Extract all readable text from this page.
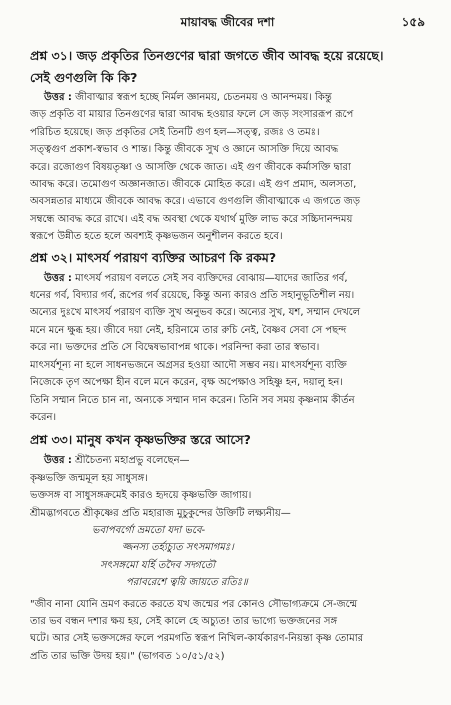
মায়াবদ্ধ জীবের দশা	১৫৯
প্রশ্ন ৩১। জড় প্রকৃতির তিনগুণের দ্বারা জগতে জীব আবদ্ধ হয়ে রয়েছে।
সেই গুণগুলি কি কি?

উত্তর : জীবাত্মার স্বরূপ হচ্ছে নির্মল জ্ঞানময়, চেতনময় ও আনন্দময়। কিন্তু

জড় প্রকৃতি বা মায়ার তিনগুণের দ্বারা আবদ্ধ হওয়ার ফলে সে জড় সংসাররূপ রূপে

পরিচিত হয়েছে। জড় প্রকৃতির সেই তিনটি গুণ হল—সত্ত্ব, রজঃ ও তমঃ।

সত্ত্বগুণ প্রকাশ-স্বভাব ও শান্ত। কিন্তু জীবকে সুখ ও জ্ঞানে আসক্তি দিয়ে আবদ্ধ

করে। রজোগুণ বিষয়তৃষ্ণা ও আসক্তি থেকে জাত। এই গুণ জীবকে কর্মাসক্তি দ্বারা

আবদ্ধ করে। তমোগুণ অজ্ঞানজাত। জীবকে মোহিত করে। এই গুণ প্রমাদ, অলসতা,

অবসন্নতার মাধ্যমে জীবকে আবদ্ধ করে। এভাবে গুণগুলি জীবাত্মাকে এ জগতে জড়

সম্বন্ধে আবদ্ধ করে রাখে। এই বদ্ধ অবস্থা থেকে যথার্থ মুক্তি লাভ করে সচ্চিদানন্দময়

স্বরূপে উন্নীত হতে হলে অবশ্যই কৃষ্ণভজন অনুশীলন করতে হবে।

প্রশ্ন ৩২। মাৎসর্য পরায়ণ ব্যক্তির আচরণ কি রকম?

উত্তর : মাৎসর্য পরায়ণ বলতে সেই সব ব্যক্তিদের বোঝায়—যাদের জাতির গর্ব,

ধনের গর্ব, বিদ্যার গর্ব, রূপের গর্ব রয়েছে, কিন্তু অন্য কারও প্রতি সহানুভূতিশীল নয়।

অন্যের দুঃখে মাৎসর্য পরায়ণ ব্যক্তি সুখ অনুভব করে। অন্যের সুখ, যশ, সম্মান দেখলে

মনে মনে ক্ষুব্ধ হয়। জীবে দয়া নেই, হরিনামে তার রুচি নেই, বৈষ্ণব সেবা সে পছন্দ

করে না। ভক্তদের প্রতি সে বিদ্বেষভাবাপন্ন থাকে। পরনিন্দা করা তার স্বভাব।

মাৎসর্যশূন্য না হলে সাধনভজনে অগ্রসর হওয়া আদৌ সম্ভব নয়। মাৎসর্যশূন্য ব্যক্তি

নিজেকে তৃণ অপেক্ষা হীন বলে মনে করেন, বৃক্ষ অপেক্ষাও সহিষ্ণু হন, দয়ালু হন।

তিনি সম্মান নিতে চান না, অন্যকে সম্মান দান করেন। তিনি সব সময় কৃষ্ণনাম কীর্তন

করেন।

প্রশ্ন ৩৩। মানুষ কখন কৃষ্ণভক্তির স্তরে আসে?

উত্তর : শ্রীচৈতন্য মহাপ্রভু বলেছেন—

কৃষ্ণভক্তি জন্মমূল হয় সাধুসঙ্গ।

ভক্তসঙ্গ বা সাধুসঙ্গক্রমেই কারও হৃদয়ে কৃষ্ণভক্তি জাগায়।

শ্রীমদ্ভাগবতে শ্রীকৃষ্ণের প্রতি মহারাজ মুচুকুন্দের উক্তিটি লক্ষ্যনীয়—

ভবাপবর্গো ভ্রমতো যদা ভবে-

জ্জনস্য তর্হ্যচ্যুত সৎসমাগমঃ।

সৎসঙ্গমো যর্হি তদৈব সদ্গতৌ

পরাবরেশে ত্বয়ি জায়তে রতিঃ॥

"জীব নানা যোনি ভ্রমণ করতে করতে যখ জন্মের পর কোনও সৌভাগ্যক্রমে সে-জন্মে

তার ভব বন্ধন দশার ক্ষয় হয়, সেই কালে হে অচ্যুত! তার ভাগ্যে ভক্তজনের সঙ্গ

ঘটে। আর সেই ভক্তসঙ্গের ফলে পরমগতি স্বরূপ নিখিল-কার্যকারণ-নিয়ন্তা কৃষ্ণ তোমার

প্রতি তার ভক্তি উদয় হয়।" (ভাগবত ১০/৫১/৫২)
